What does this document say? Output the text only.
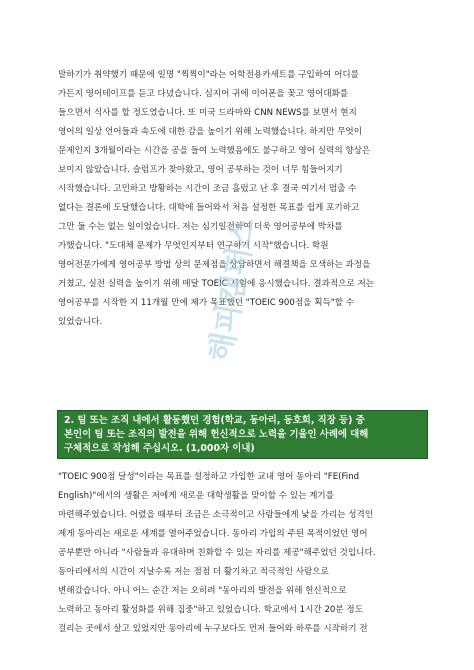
말하기가 취약했기 때문에 일명 "찍찍이"라는 어학전용카세트를 구입하여 어디를
가든지 영어테이프를 듣고 다녔습니다. 심지어 귀에 이어폰을 꽂고 영어대화를
들으면서 식사를 할 정도였습니다. 또 미국 드라마와 CNN NEWS를 보면서 현지
영어의 일상 언어들과 속도에 대한 감을 높이기 위해 노력했습니다. 하지만 무엇이
문제인지 3개월이라는 시간을 공을 들여 노력했음에도 불구하고 영어 실력의 향상은
보이지 않았습니다. 슬럼프가 찾아왔고, 영어 공부하는 것이 너무 힘들어지기
시작했습니다. 고민하고 방황하는 시간이 조금 흘렀고 난 후 결국 여기서 멈출 수
없다는 결론에 도달했습니다. 대학에 들어와서 처음 설정한 목표를 쉽게 포기하고
그만 둘 수는 없는 일이었습니다. 저는 심기일전하여 더욱 영어공부에 박차를
가했습니다. "도대체 문제가 무엇인지부터 연구하기 시작"했습니다. 학원
영어전문가에게 영어공부 방법 상의 문제점을 상담하면서 해결책을 모색하는 과정을
거쳤고, 실전 실력을 높이기 위해 매달 TOEIC 시험에 응시했습니다. 결과적으로 저는
영어공부를 시작한 지 11개월 만에 제가 목표했던 "TOEIC 900점을 획득"할 수
있었습니다.
2. 팀 또는 조직 내에서 활동했던 경험(학교, 동아리, 동호회, 직장 등) 중
본인이 팀 또는 조직의 발전을 위해 헌신적으로 노력을 기울인 사례에 대해
구체적으로 작성해 주십시오. (1,000자 이내)
"TOEIC 900점 달성"이라는 목표를 설정하고 가입한 교내 영어 동아리 "FE(Find
English)"에서의 생활은 저에게 새로운 대학생활을 맞이할 수 있는 계기를
마련해주었습니다. 어렸을 때부터 조금은 소극적이고 사람들에게 낯을 가리는 성격인
제게 동아리는 새로운 세계를 열어주었습니다. 동아리 가입의 주된 목적이었던 영어
공부뿐만 아니라 "사람들과 유대하며 친화할 수 있는 자리를 제공"해주었던 것입니다.
동아리에서의 시간이 지날수록 저는 점점 더 활기차고 적극적인 사람으로
변해갔습니다. 아니 어느 순간 저는 오히려 "동아리의 발전을 위해 헌신적으로
노력하고 동아리 활성화를 위해 집중"하고 있었습니다. 학교에서 1시간 20분 정도
걸리는 곳에서 살고 있었지만 동아리에 누구보다도 먼저 들어와 하루를 시작하기 전
해피캠퍼스
